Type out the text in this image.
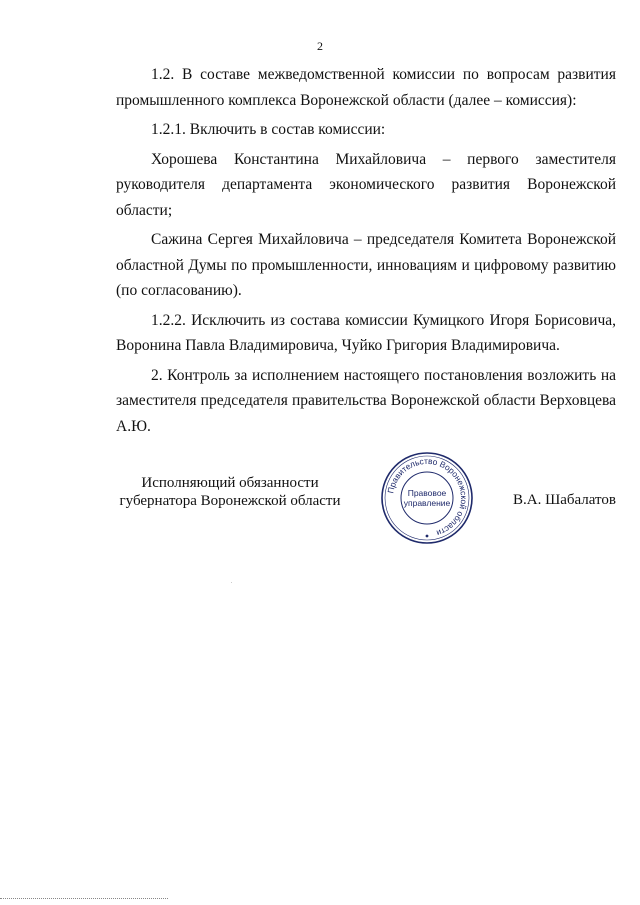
2

1.2. В составе межведомственной комиссии по вопросам развития промышленного комплекса Воронежской области (далее – комиссия):

1.2.1. Включить в состав комиссии:

Хорошева Константина Михайловича – первого заместителя руководителя департамента экономического развития Воронежской области;

Сажина Сергея Михайловича – председателя Комитета Воронежской областной Думы по промышленности, инновациям и цифровому развитию (по согласованию).

1.2.2. Исключить из состава комиссии Кумицкого Игоря Борисовича, Воронина Павла Владимировича, Чуйко Григория Владимировича.

2. Контроль за исполнением настоящего постановления возложить на заместителя председателя правительства Воронежской области Верховцева А.Ю.

Исполняющий обязанности
губернатора Воронежской области
Правительство Воронежской области
Правовое
управление	В.А. Шабалатов
